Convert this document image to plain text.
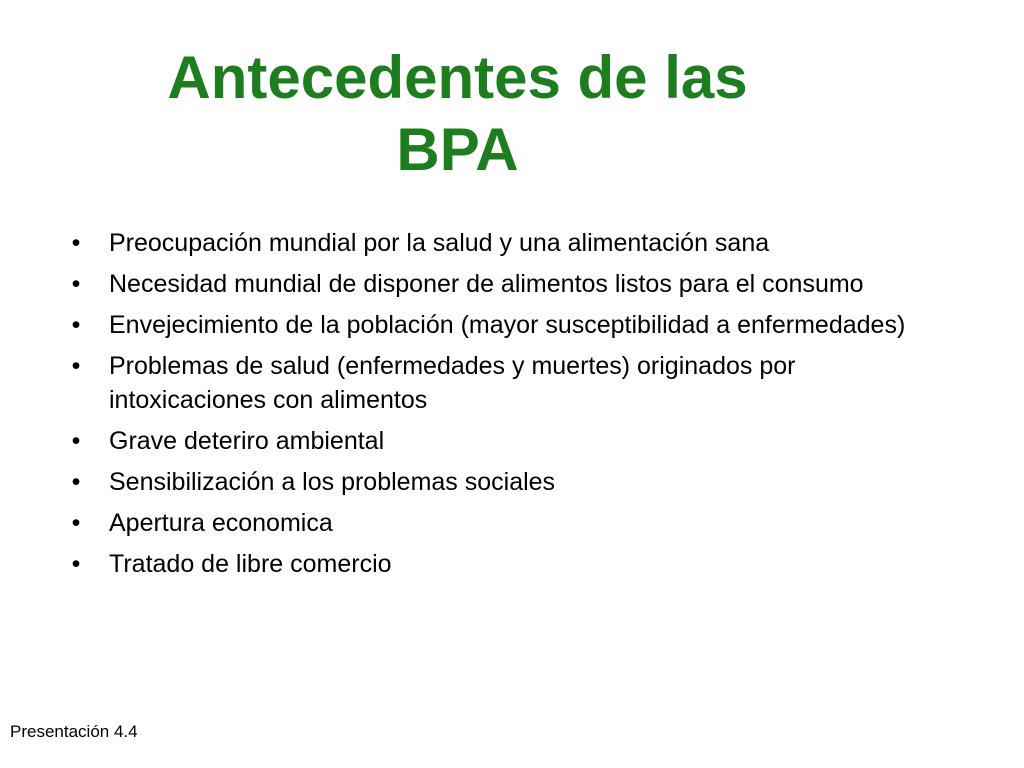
Antecedentes de las
BPA
• Preocupación mundial por la salud y una alimentación sana
• Necesidad mundial de disponer de alimentos listos para el consumo
• Envejecimiento de la población (mayor susceptibilidad a enfermedades)
• Problemas de salud (enfermedades y muertes) originados por intoxicaciones con alimentos
• Grave deteriro ambiental
• Sensibilización a los problemas sociales
• Apertura economica
• Tratado de libre comercio
Presentación 4.4
